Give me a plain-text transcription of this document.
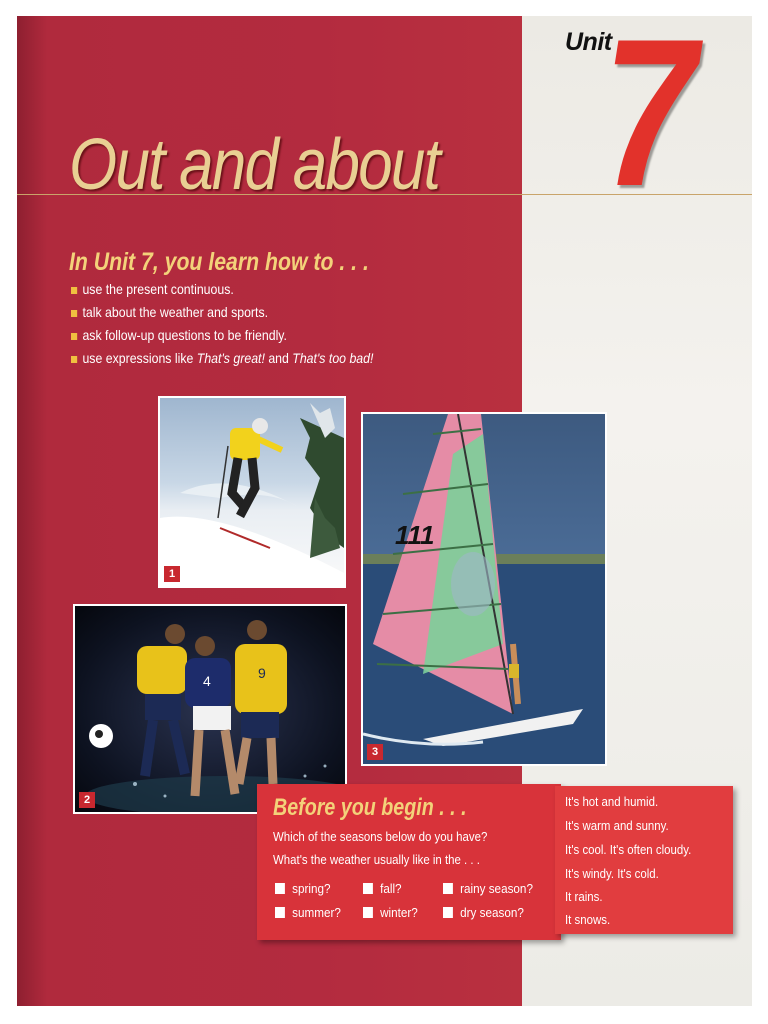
Unit
7
Out and about
In Unit 7, you learn how to . . .
use the present continuous.
talk about the weather and sports.
ask follow-up questions to be friendly.
use expressions like That's great! and That's too bad!
1
4	9
2
111
3
Before you begin . . .
Which of the seasons below do you have?
What's the weather usually like in the . . .
spring?	fall?	rainy season?
summer?	winter?	dry season?
It's hot and humid.
It's warm and sunny.
It's cool. It's often cloudy.
It's windy. It's cold.
It rains.
It snows.
